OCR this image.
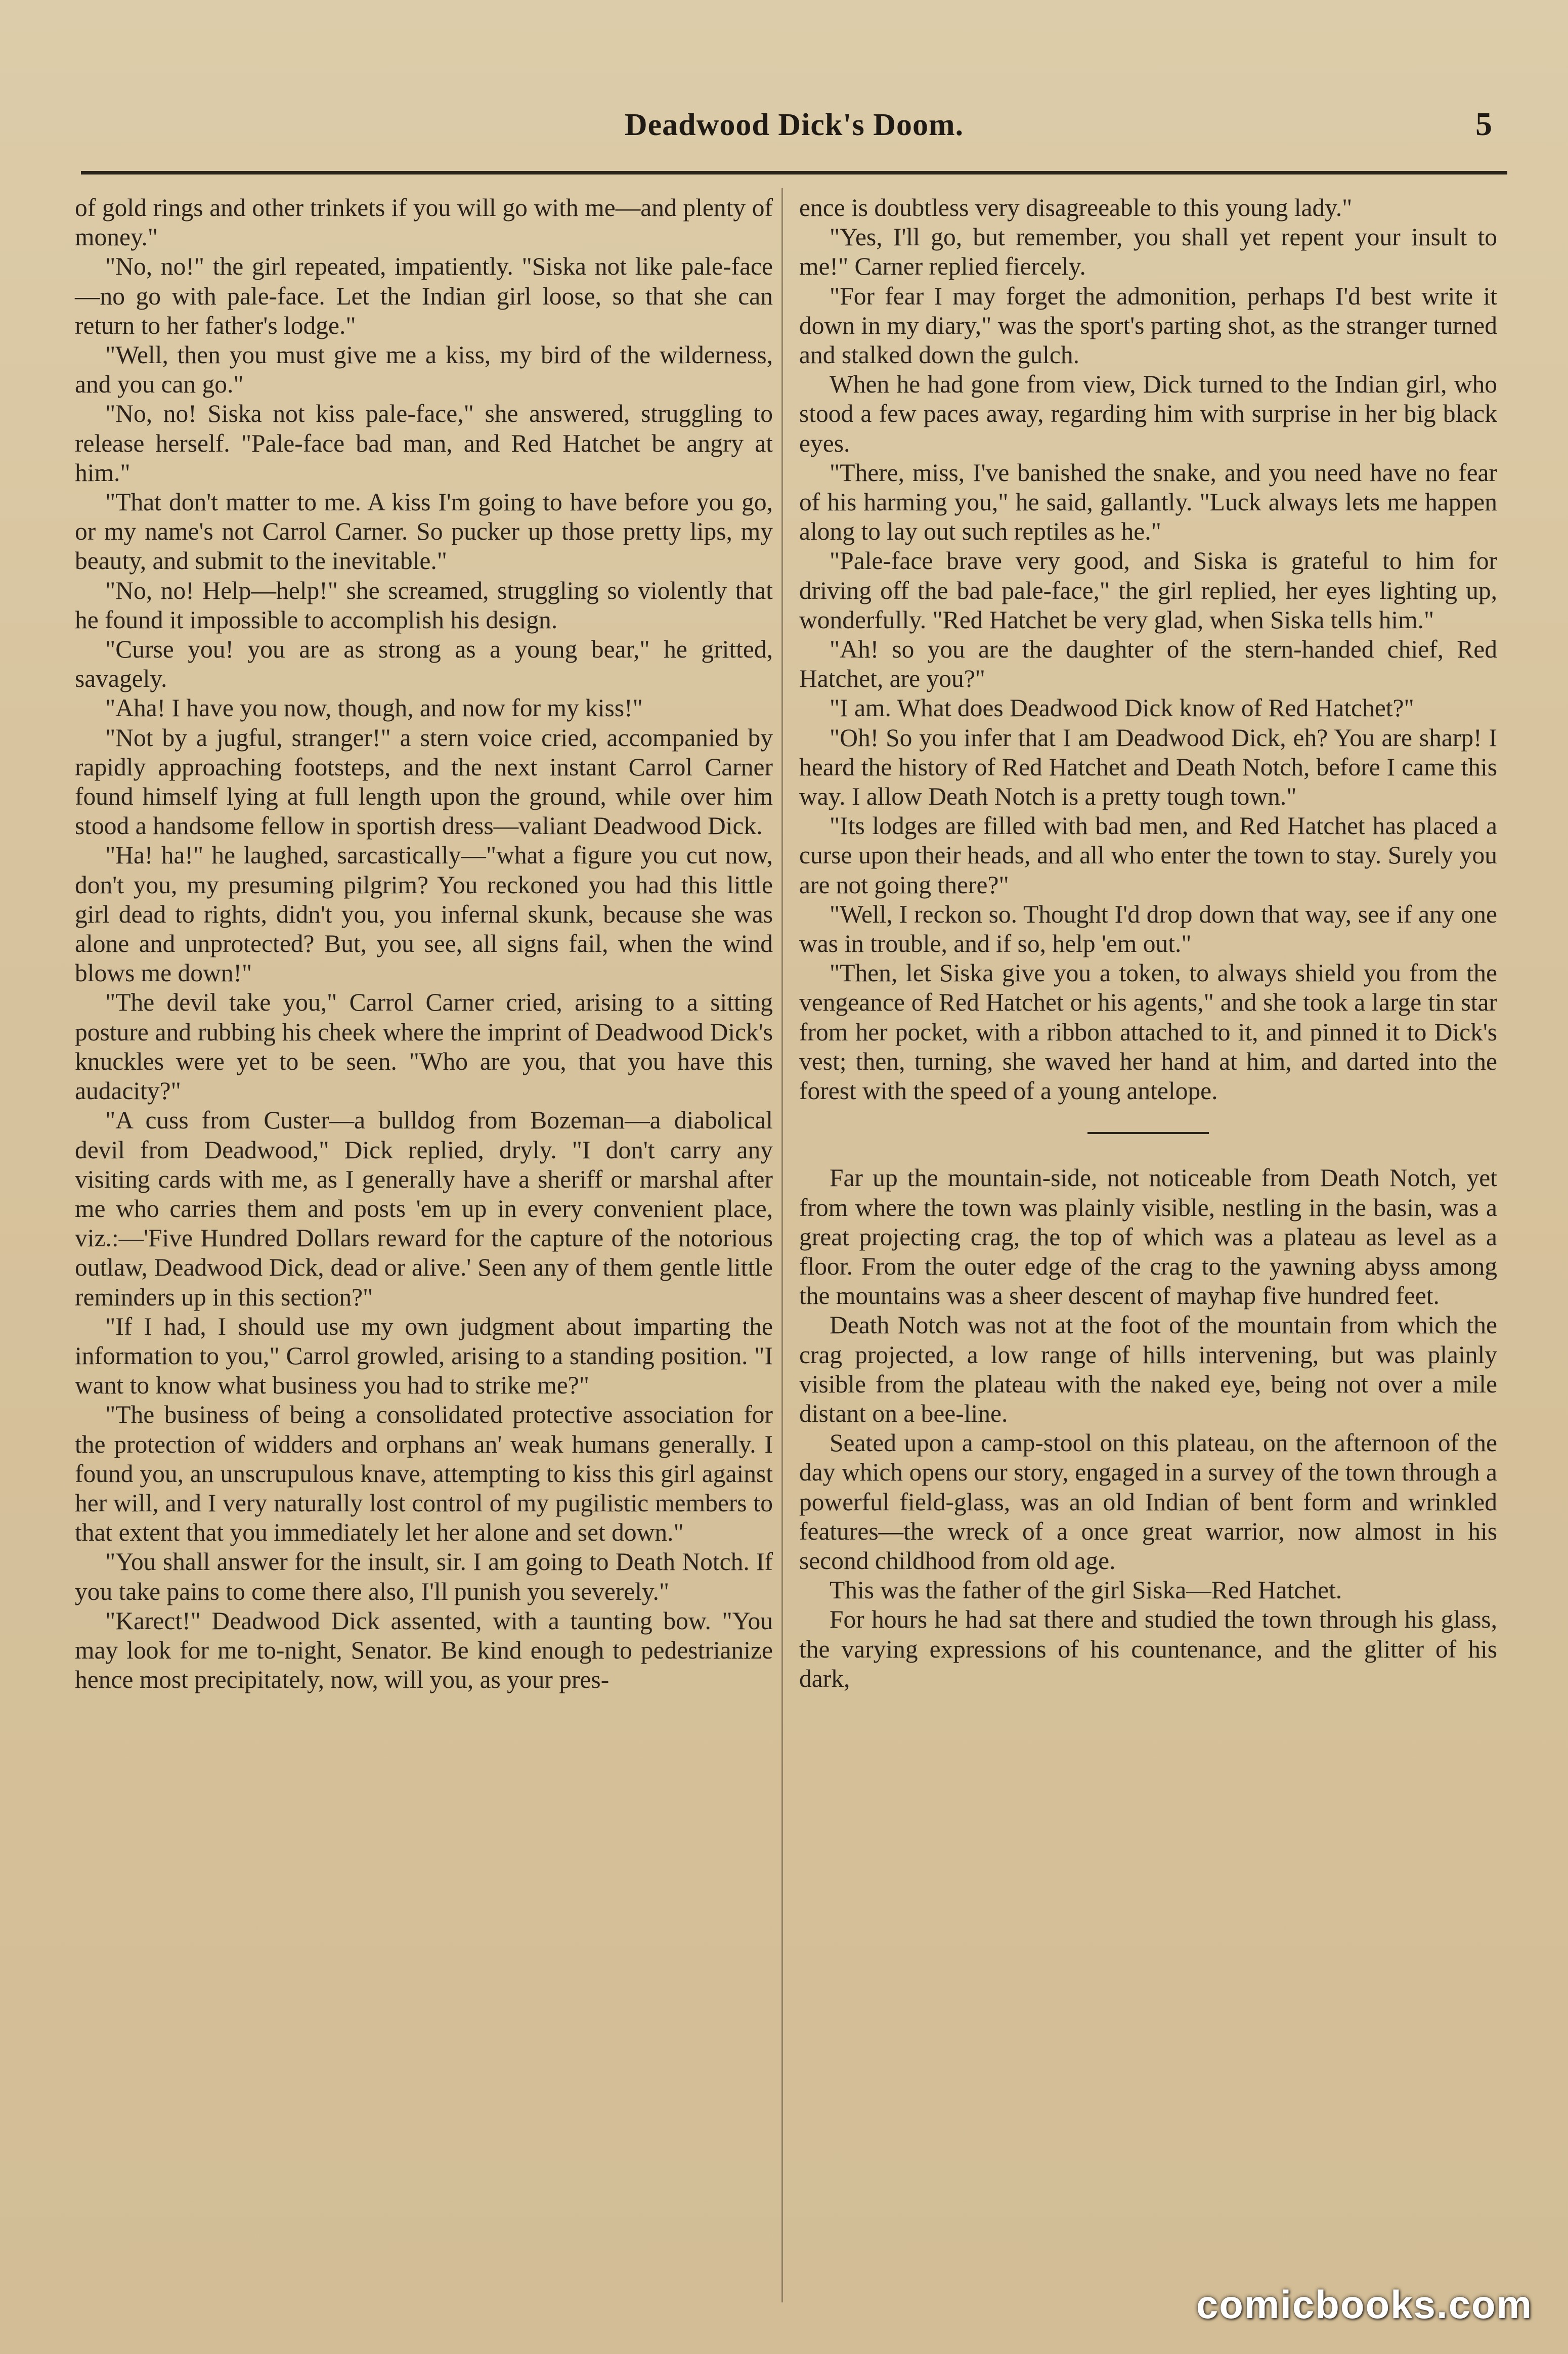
Deadwood Dick's Doom.	5

of gold rings and other trinkets if you will go with me—and plenty of money."

"No, no!" the girl repeated, impatiently. "Siska not like pale-face—no go with pale-face. Let the Indian girl loose, so that she can return to her father's lodge."

"Well, then you must give me a kiss, my bird of the wilderness, and you can go."

"No, no! Siska not kiss pale-face," she answered, struggling to release herself. "Pale-face bad man, and Red Hatchet be angry at him."

"That don't matter to me. A kiss I'm going to have before you go, or my name's not Carrol Carner. So pucker up those pretty lips, my beauty, and submit to the inevitable."

"No, no! Help—help!" she screamed, struggling so violently that he found it impossible to accomplish his design.

"Curse you! you are as strong as a young bear," he gritted, savagely.

"Aha! I have you now, though, and now for my kiss!"

"Not by a jugful, stranger!" a stern voice cried, accompanied by rapidly approaching footsteps, and the next instant Carrol Carner found himself lying at full length upon the ground, while over him stood a handsome fellow in sportish dress—valiant Deadwood Dick.

"Ha! ha!" he laughed, sarcastically—"what a figure you cut now, don't you, my presuming pilgrim? You reckoned you had this little girl dead to rights, didn't you, you infernal skunk, because she was alone and unprotected? But, you see, all signs fail, when the wind blows me down!"

"The devil take you," Carrol Carner cried, arising to a sitting posture and rubbing his cheek where the imprint of Deadwood Dick's knuckles were yet to be seen. "Who are you, that you have this audacity?"

"A cuss from Custer—a bulldog from Bozeman—a diabolical devil from Deadwood," Dick replied, dryly. "I don't carry any visiting cards with me, as I generally have a sheriff or marshal after me who carries them and posts 'em up in every convenient place, viz.:—'Five Hundred Dollars reward for the capture of the notorious outlaw, Deadwood Dick, dead or alive.' Seen any of them gentle little reminders up in this section?"

"If I had, I should use my own judgment about imparting the information to you," Carrol growled, arising to a standing position. "I want to know what business you had to strike me?"

"The business of being a consolidated protective association for the protection of widders and orphans an' weak humans generally. I found you, an unscrupulous knave, attempting to kiss this girl against her will, and I very naturally lost control of my pugilistic members to that extent that you immediately let her alone and set down."

"You shall answer for the insult, sir. I am going to Death Notch. If you take pains to come there also, I'll punish you severely."

"Karect!" Deadwood Dick assented, with a taunting bow. "You may look for me to-night, Senator. Be kind enough to pedestrianize hence most precipitately, now, will you, as your pres-

ence is doubtless very disagreeable to this young lady."

"Yes, I'll go, but remember, you shall yet repent your insult to me!" Carner replied fiercely.

"For fear I may forget the admonition, perhaps I'd best write it down in my diary," was the sport's parting shot, as the stranger turned and stalked down the gulch.

When he had gone from view, Dick turned to the Indian girl, who stood a few paces away, regarding him with surprise in her big black eyes.

"There, miss, I've banished the snake, and you need have no fear of his harming you," he said, gallantly. "Luck always lets me happen along to lay out such reptiles as he."

"Pale-face brave very good, and Siska is grateful to him for driving off the bad pale-face," the girl replied, her eyes lighting up, wonderfully. "Red Hatchet be very glad, when Siska tells him."

"Ah! so you are the daughter of the stern-handed chief, Red Hatchet, are you?"

"I am. What does Deadwood Dick know of Red Hatchet?"

"Oh! So you infer that I am Deadwood Dick, eh? You are sharp! I heard the history of Red Hatchet and Death Notch, before I came this way. I allow Death Notch is a pretty tough town."

"Its lodges are filled with bad men, and Red Hatchet has placed a curse upon their heads, and all who enter the town to stay. Surely you are not going there?"

"Well, I reckon so. Thought I'd drop down that way, see if any one was in trouble, and if so, help 'em out."

"Then, let Siska give you a token, to always shield you from the vengeance of Red Hatchet or his agents," and she took a large tin star from her pocket, with a ribbon attached to it, and pinned it to Dick's vest; then, turning, she waved her hand at him, and darted into the forest with the speed of a young antelope.

Far up the mountain-side, not noticeable from Death Notch, yet from where the town was plainly visible, nestling in the basin, was a great projecting crag, the top of which was a plateau as level as a floor. From the outer edge of the crag to the yawning abyss among the mountains was a sheer descent of mayhap five hundred feet.

Death Notch was not at the foot of the mountain from which the crag projected, a low range of hills intervening, but was plainly visible from the plateau with the naked eye, being not over a mile distant on a bee-line.

Seated upon a camp-stool on this plateau, on the afternoon of the day which opens our story, engaged in a survey of the town through a powerful field-glass, was an old Indian of bent form and wrinkled features—the wreck of a once great warrior, now almost in his second childhood from old age.

This was the father of the girl Siska—Red Hatchet.

For hours he had sat there and studied the town through his glass, the varying expressions of his countenance, and the glitter of his dark,

comicbooks.com
